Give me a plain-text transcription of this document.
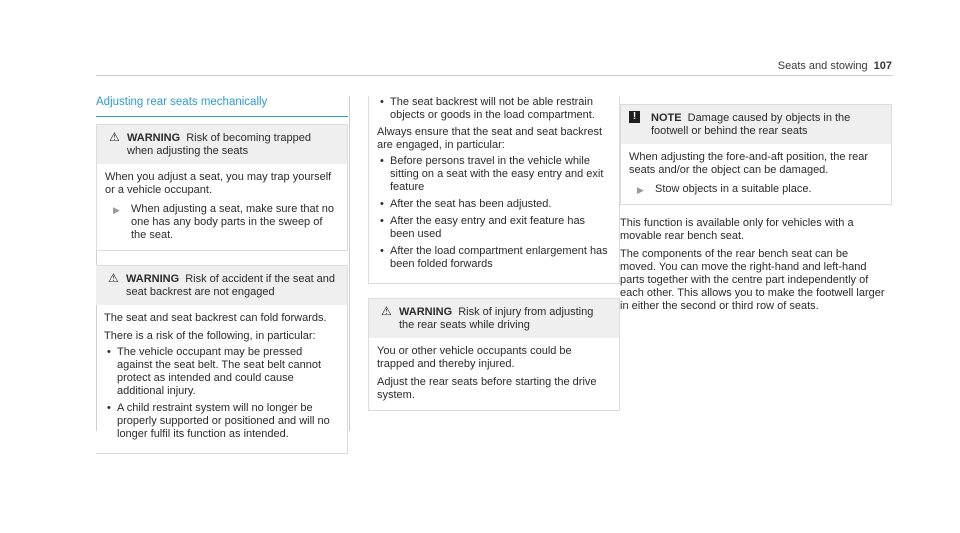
Seats and stowing 107
Adjusting rear seats mechanically
⚠ WARNING Risk of becoming trapped when adjusting the seats

When you adjust a seat, you may trap yourself or a vehicle occupant.

▶ When adjusting a seat, make sure that no one has any body parts in the sweep of the seat.
⚠ WARNING Risk of accident if the seat and seat backrest are not engaged

The seat and seat backrest can fold forwards.

There is a risk of the following, in particular:

• The vehicle occupant may be pressed against the seat belt. The seat belt cannot protect as intended and could cause additional injury.
• A child restraint system will no longer be properly supported or positioned and will no longer fulfil its function as intended.
• The seat backrest will not be able restrain objects or goods in the load compartment.

Always ensure that the seat and seat backrest are engaged, in particular:

• Before persons travel in the vehicle while sitting on a seat with the easy entry and exit feature
• After the seat has been adjusted.
• After the easy entry and exit feature has been used
• After the load compartment enlargement has been folded forwards
⚠ WARNING Risk of injury from adjusting the rear seats while driving

You or other vehicle occupants could be trapped and thereby injured.

Adjust the rear seats before starting the drive system.

!	NOTE Damage caused by objects in the footwell or behind the rear seats

When adjusting the fore-and-aft position, the rear seats and/or the object can be damaged.

▶ Stow objects in a suitable place.

This function is available only for vehicles with a movable rear bench seat.

The components of the rear bench seat can be moved. You can move the right-hand and left-hand parts together with the centre part independently of each other. This allows you to make the footwell larger in either the second or third row of seats.
